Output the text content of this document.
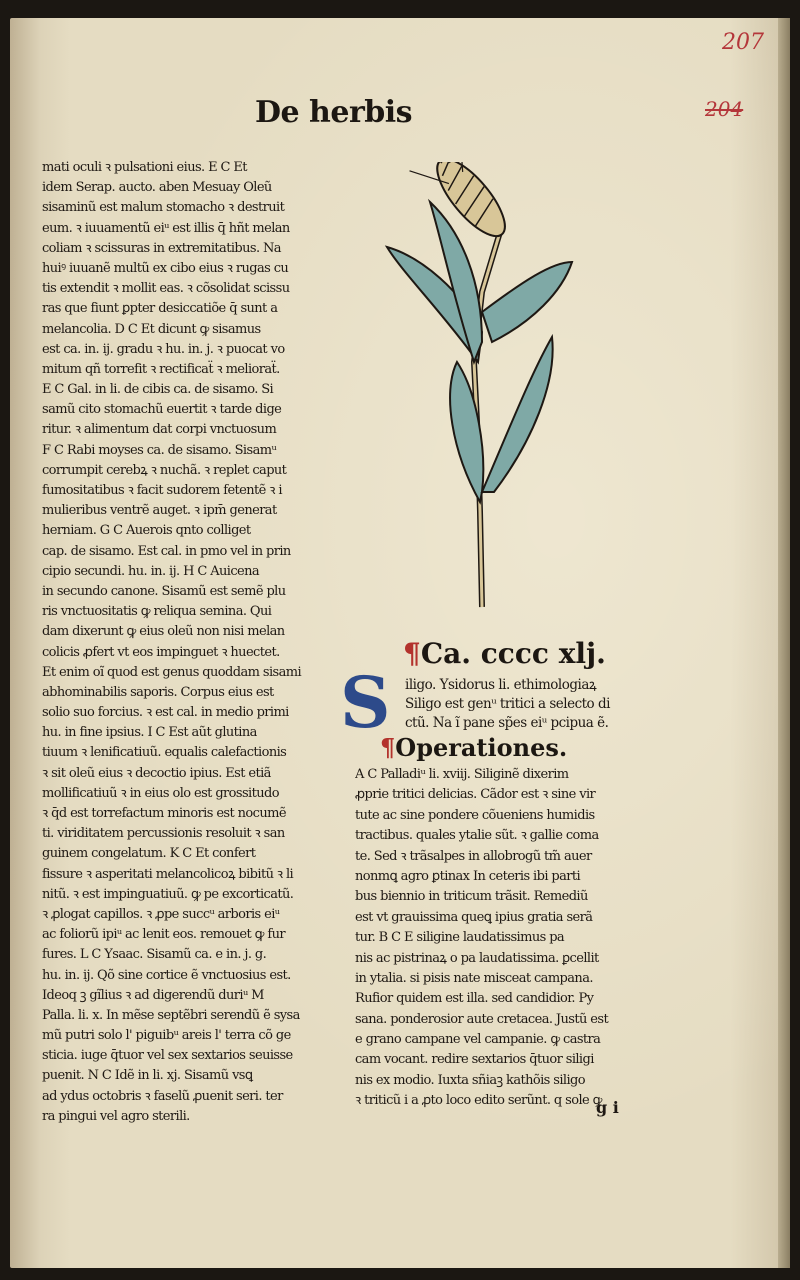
207
204
De herbis
mati oculi ꝛ pulsationi eius. E C Et
idem Serap. aucto. aben Mesuay Oleũ
sisaminũ est malum stomacho ꝛ destruit
eum. ꝛ iuuamentũ eiᵘ est illis q̄ hñt melan
coliam ꝛ scissuras in extremitatibus. Na
huiꝰ iuuanẽ multũ ex cibo eius ꝛ rugas cu
tis extendit ꝛ mollit eas. ꝛ cõsolidat scissu
ras que fiunt ꝑpter desiccatiõe q̄ sunt a
melancolia. D C Et dicunt ꝙ sisamus
est ca. in. ij. gradu ꝛ hu. in. j. ꝛ puocat vo
mitum qñ torrefit ꝛ rectificaẗ ꝛ melioraẗ.
E C Gal. in li. de cibis ca. de sisamo. Si
samũ cito stomachũ euertit ꝛ tarde dige
ritur. ꝛ alimentum dat corpi vnctuosum
F C Rabi moyses ca. de sisamo. Sisamᵘ
corrumpit cerebꝝ ꝛ nuchã. ꝛ replet caput
fumositatibus ꝛ facit sudorem fetentẽ ꝛ i
mulieribus ventrẽ auget. ꝛ ipm̄ generat
herniam. G C Auerois qnto colliget
cap. de sisamo. Est cal. in pmo vel in prin
cipio secundi. hu. in. ij. H C Auicena
in secundo canone. Sisamũ est semẽ plu
ris vnctuositatis ꝙ reliqua semina. Qui
dam dixerunt ꝙ eius oleũ non nisi melan
colicis ꝓfert vt eos impinguet ꝛ huectet.
Et enim oĩ quod est genus quoddam sisami
abhominabilis saporis. Corpus eius est
solio suo forcius. ꝛ est cal. in medio primi
hu. in fine ipsius. I C Est aũt glutina
tiuum ꝛ lenificatiuũ. equalis calefactionis
ꝛ sit oleũ eius ꝛ decoctio ipius. Est etiã
mollificatiuũ ꝛ in eius olo est grossitudo
ꝛ q̄d est torrefactum minoris est nocumẽ
ti. viriditatem percussionis resoluit ꝛ san
guinem congelatum. K C Et confert
fissure ꝛ asperitati melancolicoꝝ bibitũ ꝛ li
nitũ. ꝛ est impinguatiuũ. ꝙ pe excorticatũ.
ꝛ ꝓlogat capillos. ꝛ ꝓpe succᵘ arboris eiᵘ
ac foliorũ ipiᵘ ac lenit eos. remouet ꝙ fur
fures. L C Ysaac. Sisamũ ca. e in. j. g.
hu. in. ij. Qõ sine cortice ẽ vnctuosius est.
Ideoq ꝫ gĩlius ꝛ ad digerendũ duriᵘ M
Palla. li. x. In mẽse septẽbri serendũ ẽ sysa
mũ putri solo l' piguibᵘ areis l' terra cõ ge
sticia. iuge q̄tuor vel sex sextarios seuisse
puenit. N C Idẽ in li. xj. Sisamũ vsꝗ
ad ydus octobris ꝛ faselũ ꝓuenit seri. ter
ra pingui vel agro sterili.
¶Ca. cccc xlj.
S iligo. Ysidorus li. ethimologiaꝝ
Siligo est genᵘ tritici a selecto di
ctũ. Na ĩ pane sp̃es eiᵘ pcipua ẽ.
¶Operationes.
A C Palladiᵘ li. xviij. Siliginẽ dixerim
ꝓprie tritici delicias. Cãdor est ꝛ sine vir
tute ac sine pondere cõueniens humidis
tractibus. quales ytalie sũt. ꝛ gallie coma
te. Sed ꝛ trãsalpes in allobrogũ tm̃ auer
nonmꝗ agro ꝑtinax In ceteris ibi parti
bus biennio in triticum trãsit. Remediũ
est vt grauissima queꝗ ipius gratia serã
tur. B C E siligine laudatissimus pa
nis ac pistrinaꝝ o pa laudatissima. ꝑcellit
in ytalia. si pisis nate misceat campana.
Rufior quidem est illa. sed candidior. Py
sana. ponderosior aute cretacea. Justũ est
e grano campane vel campanie. ꝙ castra
cam vocant. redire sextarios q̄tuor siligi
nis ex modio. Iuxta sñiaꝫ kathõis siligo
ꝛ triticũ i a ꝓto loco edito serũnt. q sole ꝙ
g i
